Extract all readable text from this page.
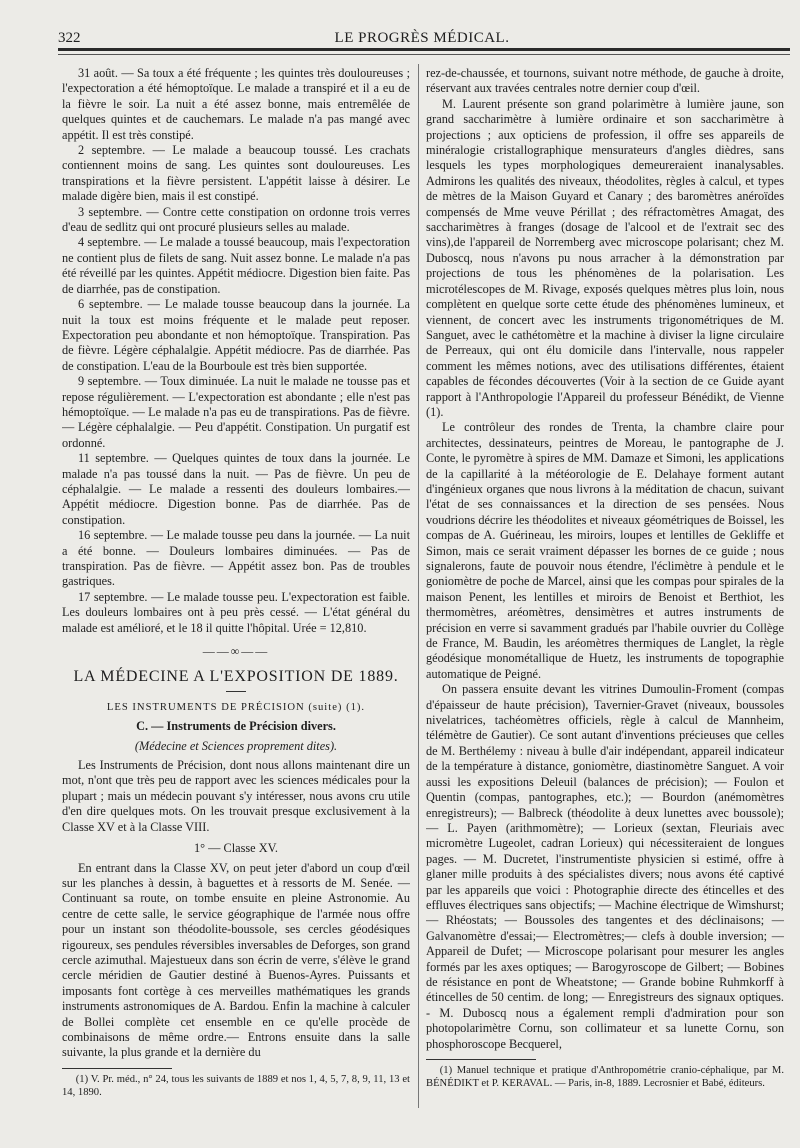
322	LE PROGRÈS MÉDICAL.

31 août. — Sa toux a été fréquente ; les quintes très douloureuses ; l'expectoration a été hémoptoïque. Le malade a transpiré et il a eu de la fièvre le soir. La nuit a été assez bonne, mais entremêlée de quelques quintes et de cauchemars. Le malade n'a pas mangé avec appétit. Il est très constipé.

2 septembre. — Le malade a beaucoup toussé. Les crachats contiennent moins de sang. Les quintes sont douloureuses. Les transpirations et la fièvre persistent. L'appétit laisse à désirer. Le malade digère bien, mais il est constipé.

3 septembre. — Contre cette constipation on ordonne trois verres d'eau de sedlitz qui ont procuré plusieurs selles au malade.

4 septembre. — Le malade a toussé beaucoup, mais l'expectoration ne contient plus de filets de sang. Nuit assez bonne. Le malade n'a pas été réveillé par les quintes. Appétit médiocre. Digestion bien faite. Pas de diarrhée, pas de constipation.

6 septembre. — Le malade tousse beaucoup dans la journée. La nuit la toux est moins fréquente et le malade peut reposer. Expectoration peu abondante et non hémoptoïque. Transpiration. Pas de fièvre. Légère céphalalgie. Appétit médiocre. Pas de diarrhée. Pas de constipation. L'eau de la Bourboule est très bien supportée.

9 septembre. — Toux diminuée. La nuit le malade ne tousse pas et repose régulièrement. — L'expectoration est abondante ; elle n'est pas hémoptoïque. — Le malade n'a pas eu de transpirations. Pas de fièvre. — Légère céphalalgie. — Peu d'appétit. Constipation. Un purgatif est ordonné.

11 septembre. — Quelques quintes de toux dans la journée. Le malade n'a pas toussé dans la nuit. — Pas de fièvre. Un peu de céphalalgie. — Le malade a ressenti des douleurs lombaires.— Appétit médiocre. Digestion bonne. Pas de diarrhée. Pas de constipation.

16 septembre. — Le malade tousse peu dans la journée. — La nuit a été bonne. — Douleurs lombaires diminuées. — Pas de transpiration. Pas de fièvre. — Appétit assez bon. Pas de troubles gastriques.

17 septembre. — Le malade tousse peu. L'expectoration est faible. Les douleurs lombaires ont à peu près cessé. — L'état général du malade est amélioré, et le 18 il quitte l'hôpital. Urée = 12,810.

——∞——
LA MÉDECINE A L'EXPOSITION DE 1889.
LES INSTRUMENTS DE PRÉCISION (suite) (1).
C. — Instruments de Précision divers.
(Médecine et Sciences proprement dites).

Les Instruments de Précision, dont nous allons maintenant dire un mot, n'ont que très peu de rapport avec les sciences médicales pour la plupart ; mais un médecin pouvant s'y intéresser, nous avons cru utile d'en dire quelques mots. On les trouvait presque exclusivement à la Classe XV et à la Classe VIII.

1° — Classe XV.

En entrant dans la Classe XV, on peut jeter d'abord un coup d'œil sur les planches à dessin, à baguettes et à ressorts de M. Senée. — Continuant sa route, on tombe ensuite en pleine Astronomie. Au centre de cette salle, le service géographique de l'armée nous offre pour un instant son théodolite-boussole, ses cercles géodésiques rigoureux, ses pendules réversibles inversables de Deforges, son grand cercle azimuthal. Majestueux dans son écrin de verre, s'élève le grand cercle méridien de Gautier destiné à Buenos-Ayres. Puissants et imposants font cortège à ces merveilles mathématiques les grands instruments astronomiques de A. Bardou. Enfin la machine à calculer de Bollei complète cet ensemble en ce qu'elle procède de combinaisons de même ordre.— Entrons ensuite dans la salle suivante, la plus grande et la dernière du

(1) V. Pr. méd., n° 24, tous les suivants de 1889 et nos 1, 4, 5, 7, 8, 9, 11, 13 et 14, 1890.

rez-de-chaussée, et tournons, suivant notre méthode, de gauche à droite, réservant aux travées centrales notre dernier coup d'œil.

M. Laurent présente son grand polarimètre à lumière jaune, son grand saccharimètre à lumière ordinaire et son saccharimètre à projections ; aux opticiens de profession, il offre ses appareils de minéralogie cristallographique mensurateurs d'angles dièdres, sans lesquels les types morphologiques demeureraient inanalysables. Admirons les qualités des niveaux, théodolites, règles à calcul, et types de mètres de la Maison Guyard et Canary ; des baromètres anéroïdes compensés de Mme veuve Périllat ; des réfractomètres Amagat, des saccharimètres à franges (dosage de l'alcool et de l'extrait sec des vins),de l'appareil de Norremberg avec microscope polarisant; chez M. Duboscq, nous n'avons pu nous arracher à la démonstration par projections de tous les phénomènes de la polarisation. Les microtélescopes de M. Rivage, exposés quelques mètres plus loin, nous complètent en quelque sorte cette étude des phénomènes lumineux, et viennent, de concert avec les instruments trigonométriques de M. Sanguet, avec le cathétomètre et la machine à diviser la ligne circulaire de Perreaux, qui ont élu domicile dans l'intervalle, nous rappeler comment les mêmes notions, avec des utilisations différentes, étaient capables de fécondes découvertes (Voir à la section de ce Guide ayant rapport à l'Anthropologie l'Appareil du professeur Bénédikt, de Vienne (1).

Le contrôleur des rondes de Trenta, la chambre claire pour architectes, dessinateurs, peintres de Moreau, le pantographe de J. Conte, le pyromètre à spires de MM. Damaze et Simoni, les applications de la capillarité à la météorologie de E. Delahaye forment autant d'ingénieux organes que nous livrons à la méditation de chacun, suivant l'état de ses connaissances et la direction de ses pensées. Nous voudrions décrire les théodolites et niveaux géométriques de Boissel, les compas de A. Guérineau, les miroirs, loupes et lentilles de Gekliffe et Simon, mais ce serait vraiment dépasser les bornes de ce guide ; nous signalerons, faute de pouvoir nous étendre, l'éclimètre à pendule et le goniomètre de poche de Marcel, ainsi que les compas pour spirales de la maison Penent, les lentilles et miroirs de Benoist et Berthiot, les thermomètres, aréomètres, densimètres et autres instruments de précision en verre si savamment gradués par l'habile ouvrier du Collège de France, M. Baudin, les aréomètres thermiques de Langlet, la règle géodésique monométallique de Huetz, les instruments de topographie automatique de Peigné.

On passera ensuite devant les vitrines Dumoulin-Froment (compas d'épaisseur de haute précision), Tavernier-Gravet (niveaux, boussoles nivelatrices, tachéomètres officiels, règle à calcul de Mannheim, télémètre de Gautier). Ce sont autant d'inventions précieuses que celles de M. Berthélemy : niveau à bulle d'air indépendant, appareil indicateur de la température à distance, goniomètre, diastinomètre Sanguet. A voir aussi les expositions Deleuil (balances de précision); — Foulon et Quentin (compas, pantographes, etc.); — Bourdon (anémomètres enregistreurs); — Balbreck (théodolite à deux lunettes avec boussole); — L. Payen (arithmomètre); — Lorieux (sextan, Fleuriais avec micromètre Lugeolet, cadran Lorieux) qui nécessiteraient de longues pages. — M. Ducretet, l'instrumentiste physicien si estimé, offre à glaner mille produits à des spécialistes divers; nous avons été captivé par les appareils que voici : Photographie directe des étincelles et des effluves électriques sans objectifs; — Machine électrique de Wimshurst; — Rhéostats; — Boussoles des tangentes et des déclinaisons; — Galvanomètre d'essai;— Electromètres;— clefs à double inversion; — Appareil de Dufet; — Microscope polarisant pour mesurer les angles formés par les axes optiques; — Barogyroscope de Gilbert; — Bobines de résistance en pont de Wheatstone; — Grande bobine Ruhmkorff à étincelles de 50 centim. de long; — Enregistreurs des signaux optiques. - M. Duboscq nous a également rempli d'admiration pour son photopolarimètre Cornu, son collimateur et sa lunette Cornu, son phosphoroscope Becquerel,

(1) Manuel technique et pratique d'Anthropométrie cranio-céphalique, par M. BÉNÉDIKT et P. KERAVAL. — Paris, in-8, 1889. Lecrosnier et Babé, éditeurs.
